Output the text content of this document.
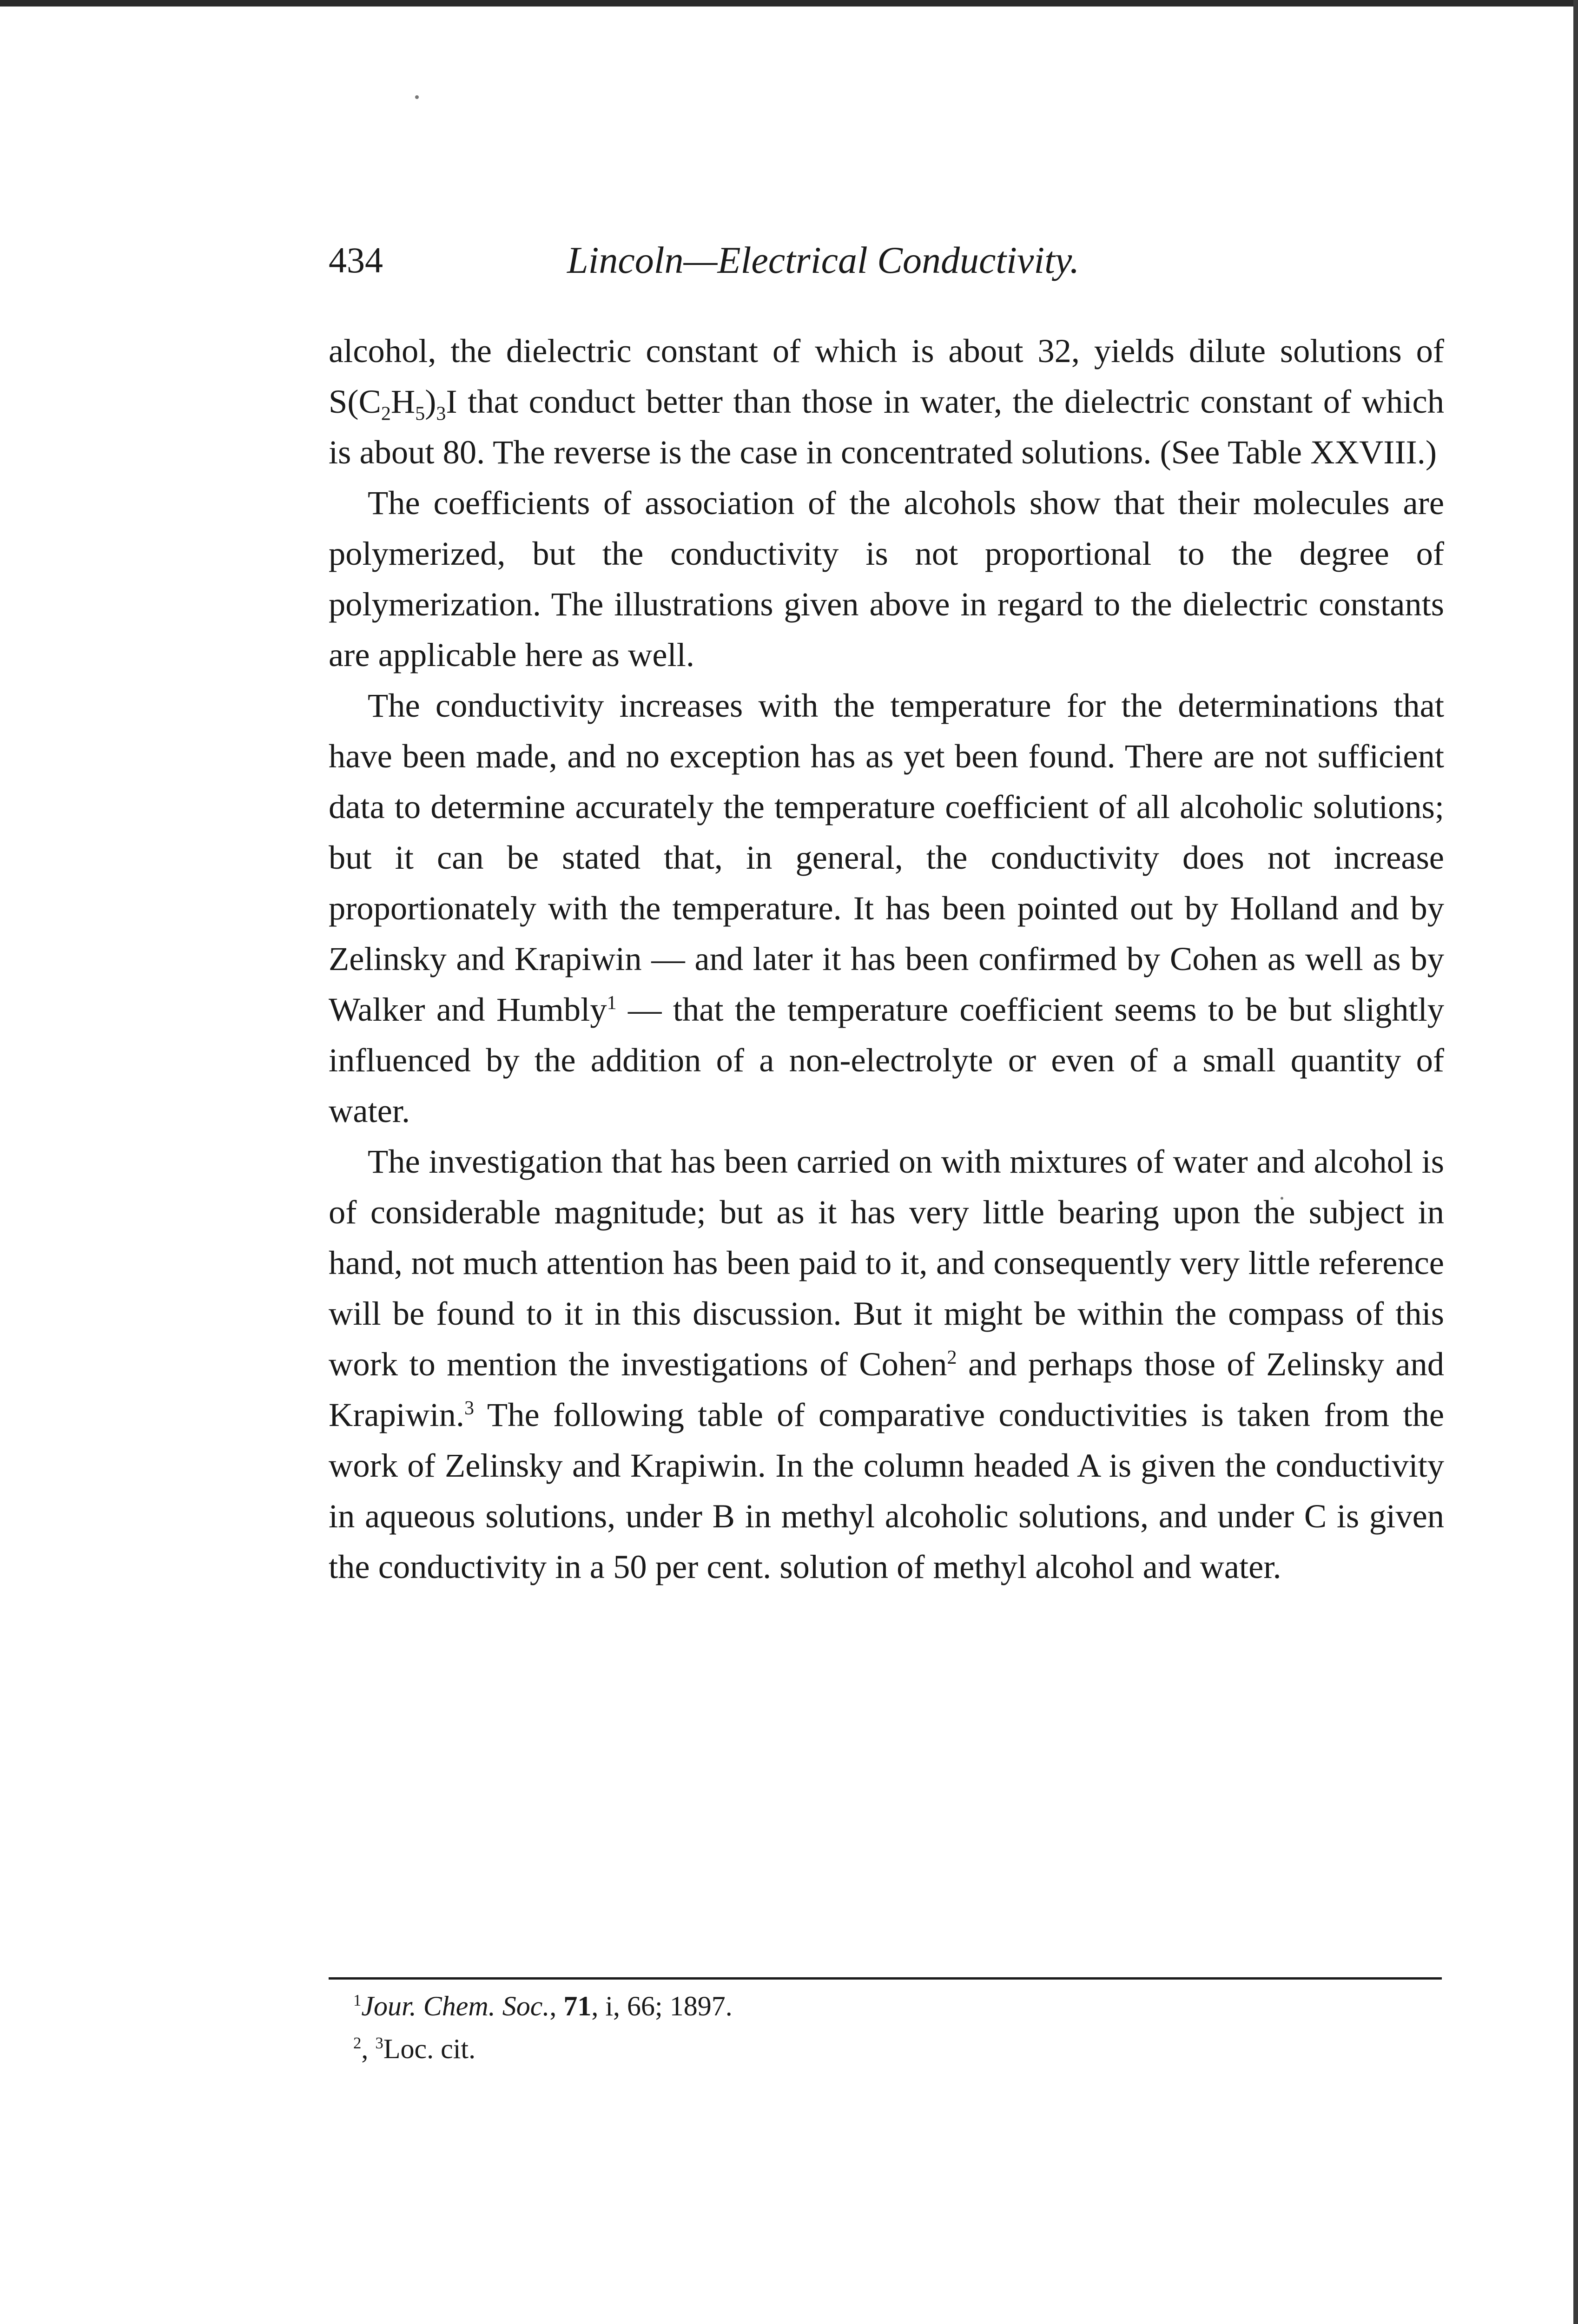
434	Lincoln—Electrical Conductivity.

alcohol, the dielectric constant of which is about 32, yields dilute solutions of $S(C_2H_5)_3I$ that conduct better than those in water, the dielectric constant of which is about 80. The reverse is the case in concentrated solutions. (See Table XXVIII.)

The coefficients of association of the alcohols show that their molecules are polymerized, but the conductivity is not proportional to the degree of polymerization. The illustrations given above in regard to the dielectric constants are applicable here as well.

The conductivity increases with the temperature for the determinations that have been made, and no exception has as yet been found. There are not sufficient data to determine accurately the temperature coefficient of all alcoholic solutions; but it can be stated that, in general, the conductivity does not increase proportionately with the temperature. It has been pointed out by Holland and by Zelinsky and Krapiwin — and later it has been confirmed by Cohen as well as by Walker and Humbly$^1$ — that the temperature coefficient seems to be but slightly influenced by the addition of a non-electrolyte or even of a small quantity of water.

The investigation that has been carried on with mixtures of water and alcohol is of considerable magnitude; but as it has very little bearing upon the subject in hand, not much attention has been paid to it, and consequently very little reference will be found to it in this discussion. But it might be within the compass of this work to mention the investigations of Cohen$^2$ and perhaps those of Zelinsky and Krapiwin.$^3$ The following table of comparative conductivities is taken from the work of Zelinsky and Krapiwin. In the column headed A is given the conductivity in aqueous solutions, under B in methyl alcoholic solutions, and under C is given the conductivity in a 50 per cent. solution of methyl alcohol and water.

$^1$Jour. Chem. Soc., 71, i, 66; 1897.
$^2$, $^3$Loc. cit.
